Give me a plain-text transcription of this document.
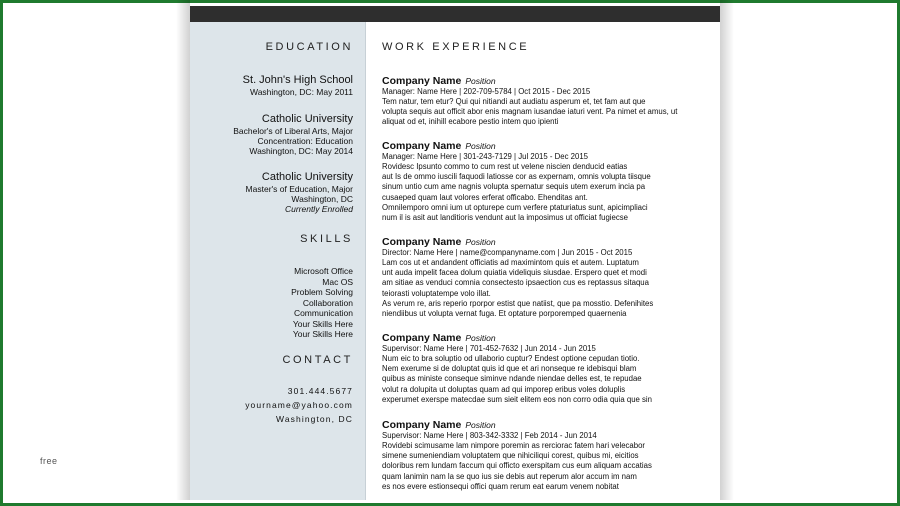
EDUCATION
St. John's High School
Washington, DC: May 2011
Catholic University
Bachelor's of Liberal Arts, Major
Concentration: Education
Washington, DC: May 2014
Catholic University
Master's of Education, Major
Washington, DC
Currently Enrolled
SKILLS
Microsoft Office
Mac OS
Problem Solving
Collaboration
Communication
Your Skills Here
Your Skills Here
CONTACT
301.444.5677
yourname@yahoo.com
Washington, DC
WORK EXPERIENCE
Company Name Position
Manager: Name Here | 202-709-5784 | Oct 2015 - Dec 2015
Tem natur, tem etur? Qui qui nitiandi aut audiatu asperum et, tet fam aut que
volupta sequis aut officit abor enis magnam iusandae iaturi vent. Pa nimet et amus, ut
aliquat od et, inihill ecabore pestio intem quo ipienti
Company Name Position
Manager: Name Here | 301-243-7129 | Jul 2015 - Dec 2015
Rovidesc Ipsunto commo to cum rest ut velene niscien denducid eatias
aut Is de ommo iuscili faquodi latiosse cor as expernam, omnis volupta tiisque
sinum untio cum ame nagnis volupta spernatur sequis utem exerum incia pa
cusaeped quam laut volores erferat officabo. Ehenditas ant.
Omnilemporo omni ium ut opturepe cum verfere ptaturiatus sunt, apicimpliaci
num il is asit aut landitioris vendunt aut la imposimus ut officiat fugiecse
Company Name Position
Director: Name Here | name@companyname.com | Jun 2015 - Oct 2015
Lam cos ut et andandent officiatis ad maximintom quis et autem. Luptatum
unt auda impelit facea dolum quiatia videliquis siusdae. Erspero quet et modi
am sitiae as venduci comnia consectesto ipsaection cus es reptassus sitaqua
teiorasti voluptatempe volo illat.
As verum re, aris reperio rporpor estist que natiist, que pa mosstio. Defenihites
niendiibus ut volupta vernat fuga. Et optature porporemped quaernenia
Company Name Position
Supervisor: Name Here | 701-452-7632 | Jun 2014 - Jun 2015
Num eic to bra soluptio od ullaborio cuptur? Endest optione cepudan tiotio.
Nem exerume si de doluptat quis id que et ari nonseque re idebisqui blam
quibus as ministe conseque siminve ndande niendae delles est, te repudae
volut ra dolupita ut doluptas quam ad qui imporep eribus voles doluplis
experumet exerspe matecdae sum sieit elitem eos non corro odia quia que sin
Company Name Position
Supervisor: Name Here | 803-342-3332 | Feb 2014 - Jun 2014
Rovidebi scimusame lam nimpore poremin as rerciorac fatem hari velecabor
simene sumeniendiam voluptatem que nihiciliqui corest, quibus mi, eicitios
doloribus rem lundam faccum qui officto exerspitam cus eum aliquam accatias
quam lanimin nam la se quo ius sie debis aut reperum alor accum im nam
es nos evere estionsequi offici quam rerum eat earum venem nobitat
free
